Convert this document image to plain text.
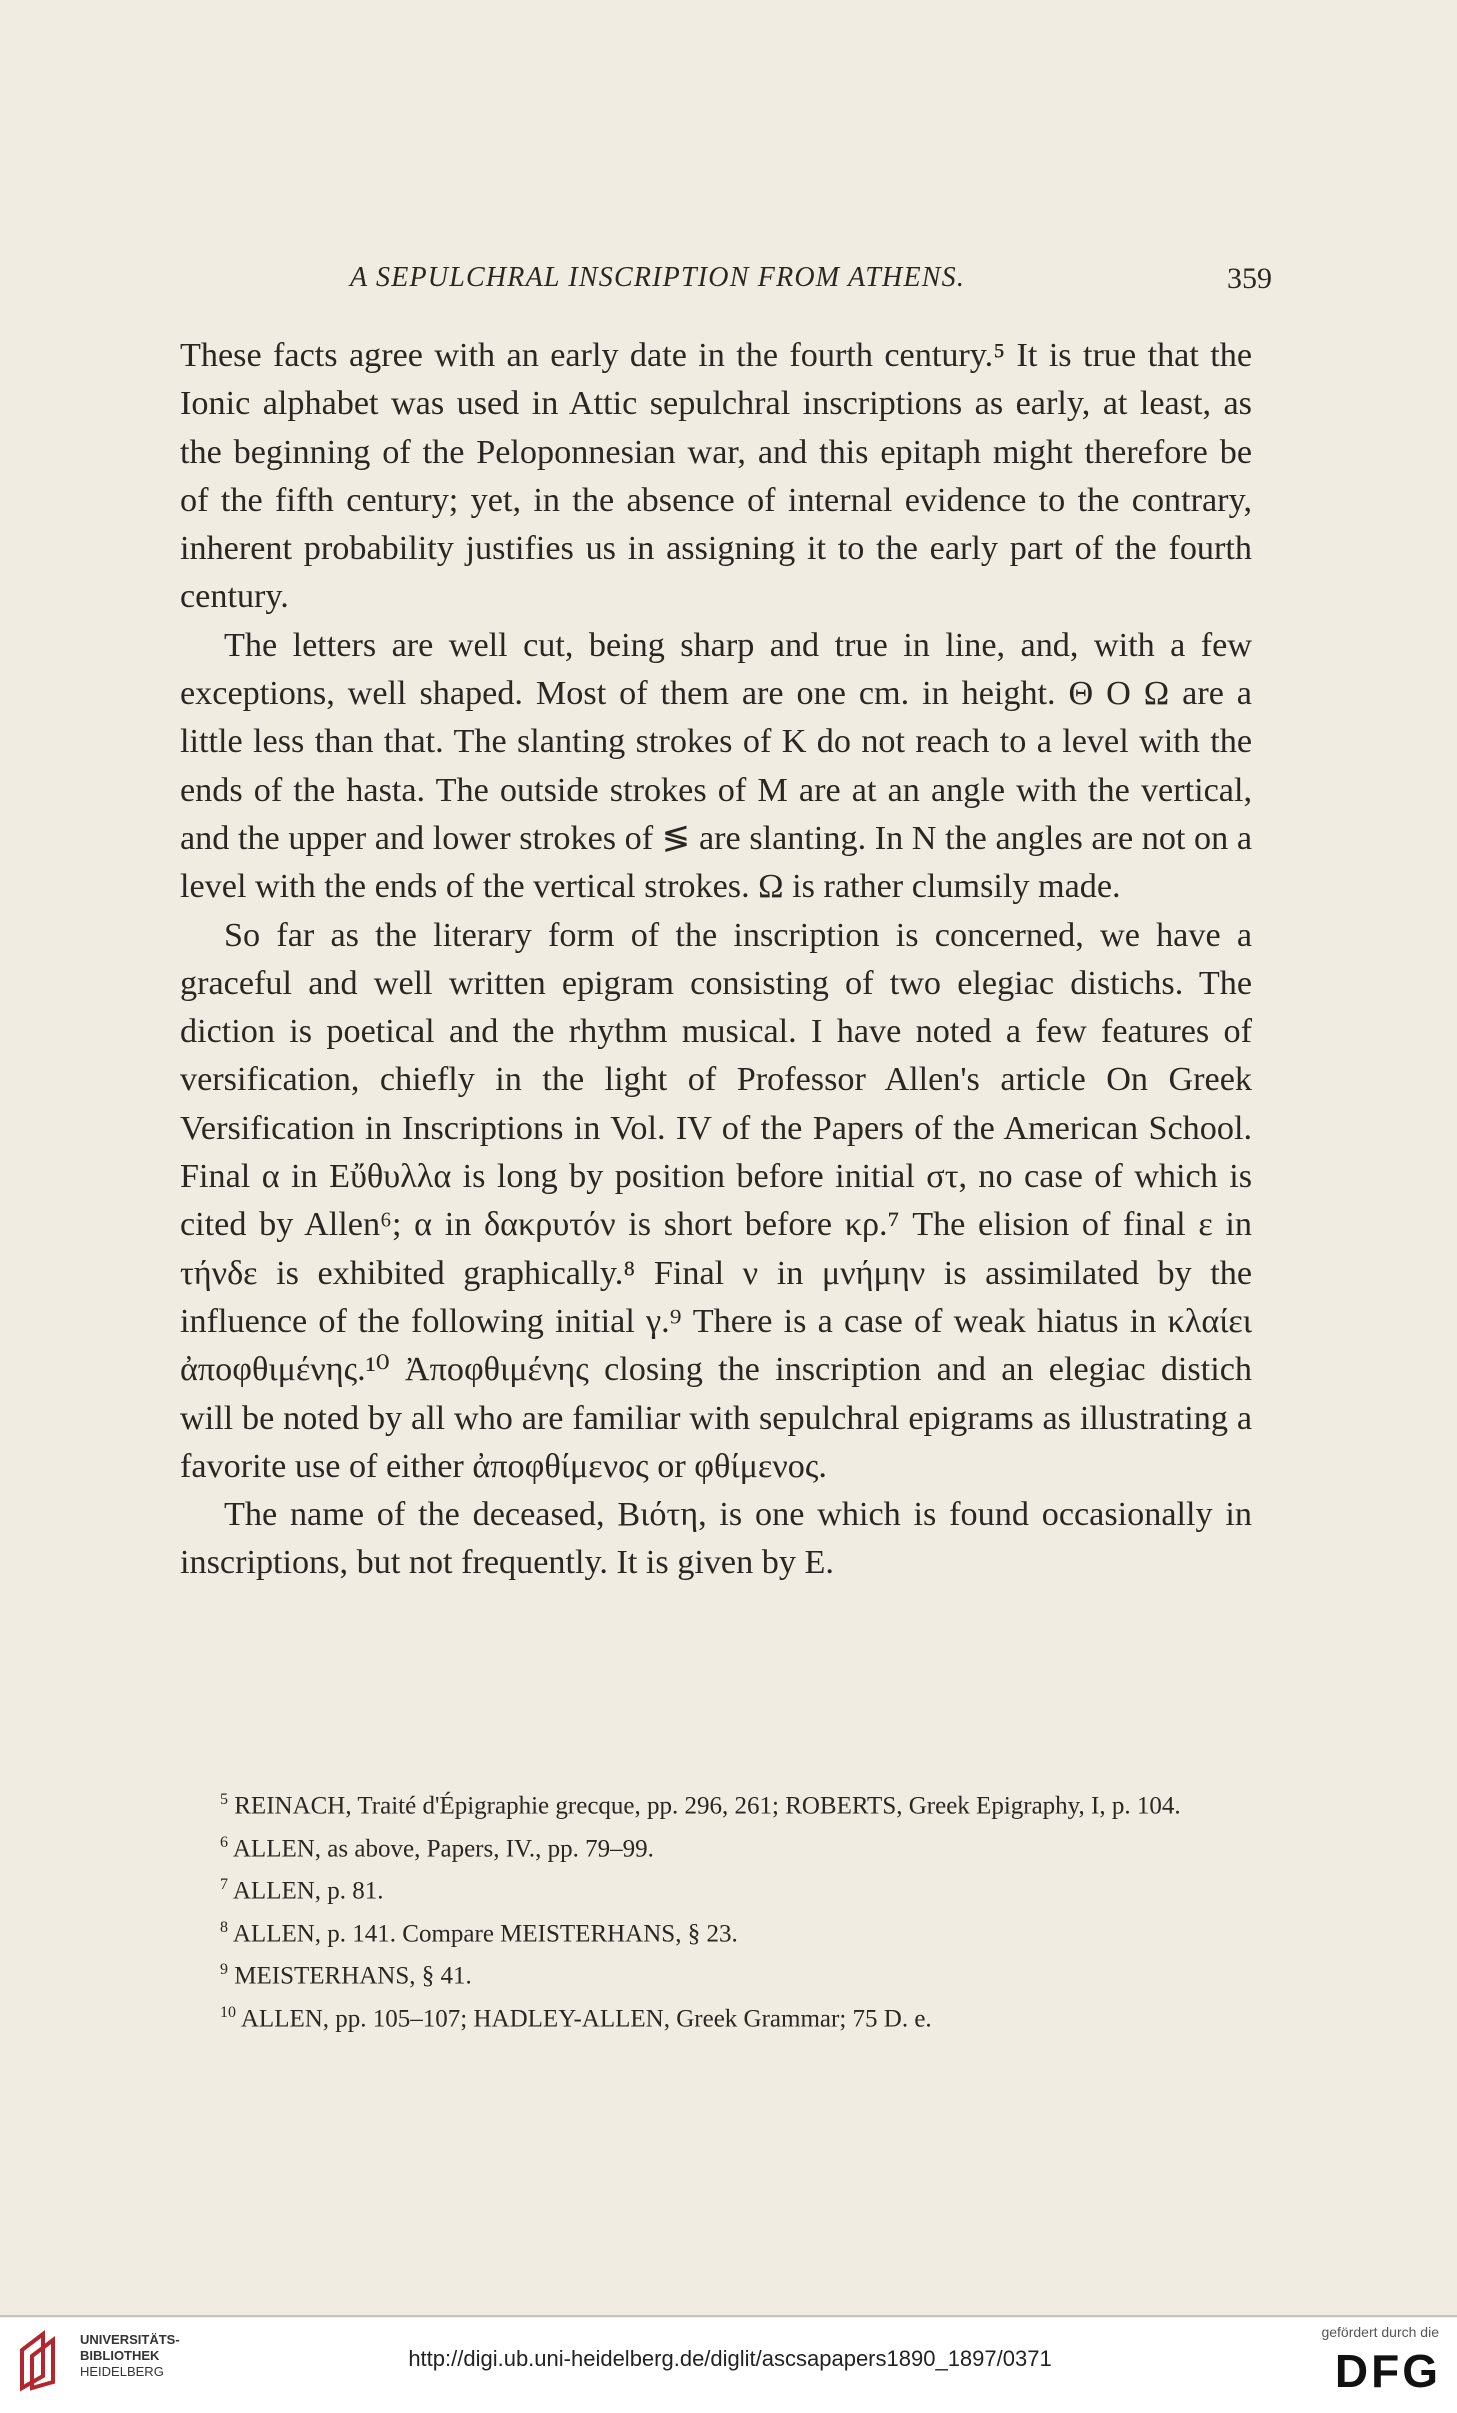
A SEPULCHRAL INSCRIPTION FROM ATHENS.	359

These facts agree with an early date in the fourth century.⁵ It is true that the Ionic alphabet was used in Attic sepulchral inscriptions as early, at least, as the beginning of the Peloponnesian war, and this epitaph might therefore be of the fifth century; yet, in the absence of internal evidence to the contrary, inherent probability justifies us in assigning it to the early part of the fourth century.

The letters are well cut, being sharp and true in line, and, with a few exceptions, well shaped. Most of them are one cm. in height. Θ Ο Ω are a little less than that. The slanting strokes of K do not reach to a level with the ends of the hasta. The outside strokes of M are at an angle with the vertical, and the upper and lower strokes of ≶ are slanting. In N the angles are not on a level with the ends of the vertical strokes. Ω is rather clumsily made.

So far as the literary form of the inscription is concerned, we have a graceful and well written epigram consisting of two elegiac distichs. The diction is poetical and the rhythm musical. I have noted a few features of versification, chiefly in the light of Professor Allen's article On Greek Versification in Inscriptions in Vol. IV of the Papers of the American School. Final α in Εὔθυλλα is long by position before initial στ, no case of which is cited by Allen⁶; α in δακρυτόν is short before κρ.⁷ The elision of final ε in τήνδε is exhibited graphically.⁸ Final ν in μνήμην is assimilated by the influence of the following initial γ.⁹ There is a case of weak hiatus in κλαίει ἀποφθιμένης.¹⁰ Ἀποφθιμένης closing the inscription and an elegiac distich will be noted by all who are familiar with sepulchral epigrams as illustrating a favorite use of either ἀποφθίμενος or φθίμενος.

The name of the deceased, Βιότη, is one which is found occasionally in inscriptions, but not frequently. It is given by E.

$^5$ REINACH, Traité d'Épigraphie grecque, pp. 296, 261; ROBERTS, Greek Epigraphy, I, p. 104.

$^6$ ALLEN, as above, Papers, IV., pp. 79–99.

$^7$ ALLEN, p. 81.

$^8$ ALLEN, p. 141. Compare MEISTERHANS, § 23.

$^9$ MEISTERHANS, § 41.

$^{10}$ ALLEN, pp. 105–107; HADLEY-ALLEN, Greek Grammar; 75 D. e.

UNIVERSITÄTS-
BIBLIOTHEK
HEIDELBERG
http://digi.ub.uni-heidelberg.de/diglit/ascsapapers1890_1897/0371
gefördert durch die
DFG
